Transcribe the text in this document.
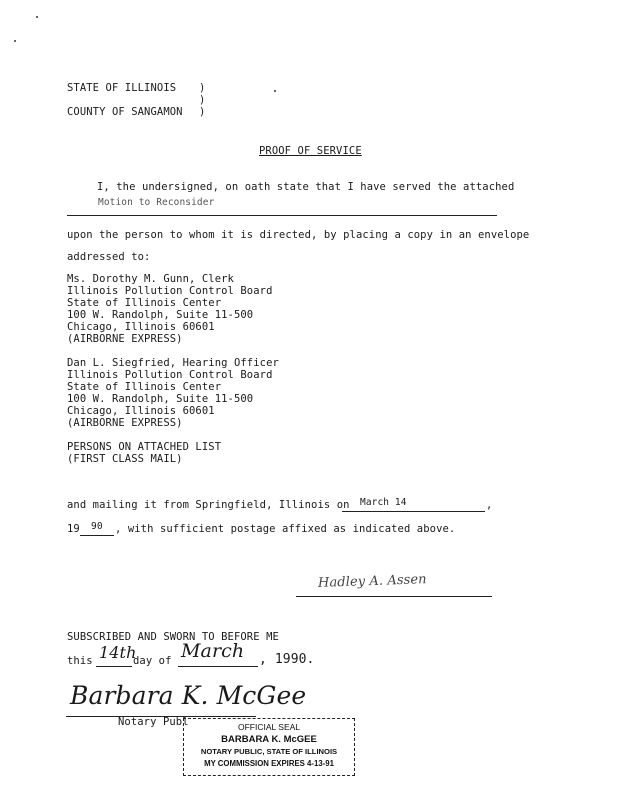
STATE OF ILLINOIS )
)
COUNTY OF SANGAMON )
PROOF OF SERVICE
I, the undersigned, on oath state that I have served the attached
Motion to Reconsider
upon the person to whom it is directed, by placing a copy in an envelope
addressed to:
Ms. Dorothy M. Gunn, Clerk
Illinois Pollution Control Board
State of Illinois Center
100 W. Randolph, Suite 11-500
Chicago, Illinois 60601
(AIRBORNE EXPRESS)
Dan L. Siegfried, Hearing Officer
Illinois Pollution Control Board
State of Illinois Center
100 W. Randolph, Suite 11-500
Chicago, Illinois 60601
(AIRBORNE EXPRESS)
PERSONS ON ATTACHED LIST
(FIRST CLASS MAIL)
and mailing it from Springfield, Illinois on March 14	,
19 90 , with sufficient postage affixed as indicated above.
Hadley A. Assen
SUBSCRIBED AND SWORN TO BEFORE ME
this 14th
day of March , 1990.
Barbara K. McGee
Notary Publ	OFFICIAL SEAL
BARBARA K. McGEE
NOTARY PUBLIC, STATE OF ILLINOIS
MY COMMISSION EXPIRES 4-13-91
